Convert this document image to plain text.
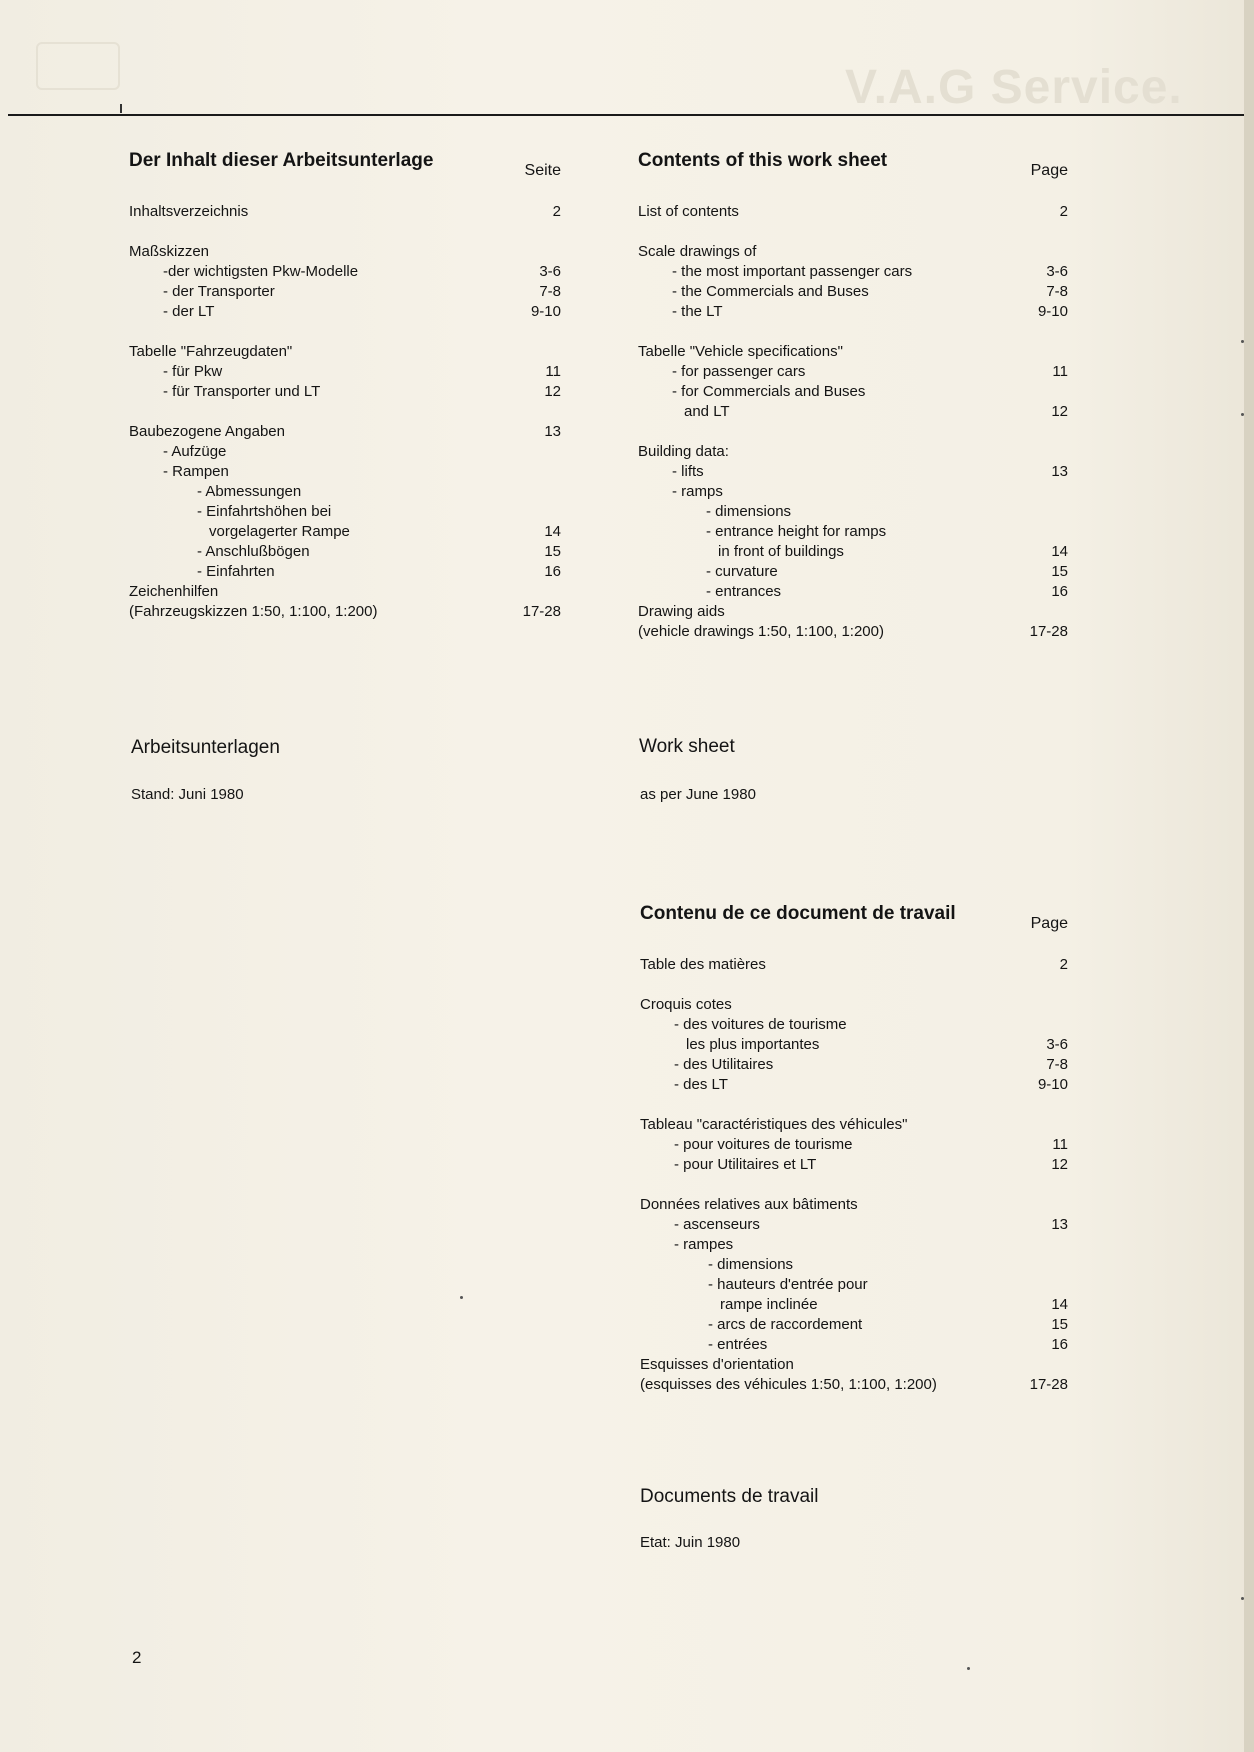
V.A.G Service.
Der Inhalt dieser Arbeitsunterlage	Seite
Inhaltsverzeichnis	2
Maßskizzen
-der wichtigsten Pkw-Modelle	3-6
- der Transporter	7-8
- der LT	9-10
Tabelle "Fahrzeugdaten"
- für Pkw	11
- für Transporter und LT	12
Baubezogene Angaben	13
- Aufzüge
- Rampen
- Abmessungen
- Einfahrtshöhen bei
vorgelagerter Rampe	14
- Anschlußbögen	15
- Einfahrten	16
Zeichenhilfen
(Fahrzeugskizzen 1:50, 1:100, 1:200)	17-28
Contents of this work sheet	Page
List of contents	2
Scale drawings of
- the most important passenger cars	3-6
- the Commercials and Buses	7-8
- the LT	9-10
Tabelle "Vehicle specifications"
- for passenger cars	11
- for Commercials and Buses
and LT	12
Building data:
- lifts	13
- ramps
- dimensions
- entrance height for ramps
in front of buildings	14
- curvature	15
- entrances	16
Drawing aids
(vehicle drawings 1:50, 1:100, 1:200)	17-28
Contenu de ce document de travail	Page
Table des matières	2
Croquis cotes
- des voitures de tourisme
les plus importantes	3-6
- des Utilitaires	7-8
- des LT	9-10
Tableau "caractéristiques des véhicules"
- pour voitures de tourisme	11
- pour Utilitaires et LT	12
Données relatives aux bâtiments
- ascenseurs	13
- rampes
- dimensions
- hauteurs d'entrée pour
rampe inclinée	14
- arcs de raccordement	15
- entrées	16
Esquisses d'orientation
(esquisses des véhicules 1:50, 1:100, 1:200)	17-28
Arbeitsunterlagen
Stand: Juni 1980
Work sheet
as per June 1980
Documents de travail
Etat: Juin 1980
2
